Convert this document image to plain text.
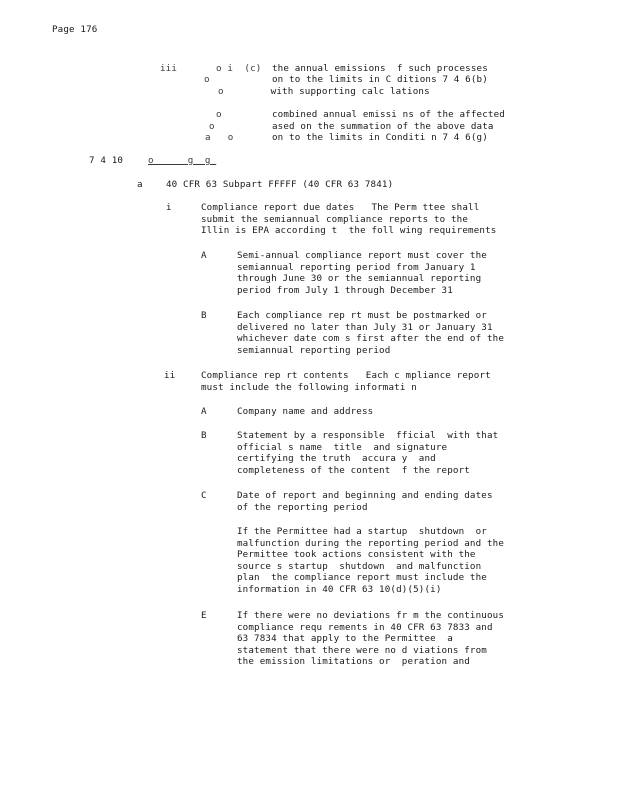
Page 176
iii	o i  (c) the annual emissions  f such processes
o	on to the limits in C ditions 7 4 6(b)
o	with supporting calc lations
o	combined annual emissi ns of the affected
o	ased on the summation of the above data
a   o	on to the limits in Conditi n 7 4 6(g)
7 4 10	o      g  g_
a	40 CFR 63 Subpart FFFFF (40 CFR 63 7841)
i	Compliance report due dates   The Perm ttee shall
submit the semiannual compliance reports to the
Illin is EPA according t  the foll wing requirements
A	Semi-annual compliance report must cover the
semiannual reporting period from January 1
through June 30 or the semiannual reporting
period from July 1 through December 31
B	Each compliance rep rt must be postmarked or
delivered no later than July 31 or January 31
whichever date com s first after the end of the
semiannual reporting period
ii	Compliance rep rt contents   Each c mpliance report
must include the following informati n
A	Company name and address
B	Statement by a responsible  fficial  with that
official s name  title  and signature
certifying the truth  accura y  and
completeness of the content  f the report
C	Date of report and beginning and ending dates
of the reporting period
If the Permittee had a startup  shutdown  or
malfunction during the reporting period and the
Permittee took actions consistent with the
source s startup  shutdown  and malfunction
plan  the compliance report must include the
information in 40 CFR 63 10(d)(5)(i)
E	If there were no deviations fr m the continuous
compliance requ rements in 40 CFR 63 7833 and
63 7834 that apply to the Permittee  a
statement that there were no d viations from
the emission limitations or  peration and
